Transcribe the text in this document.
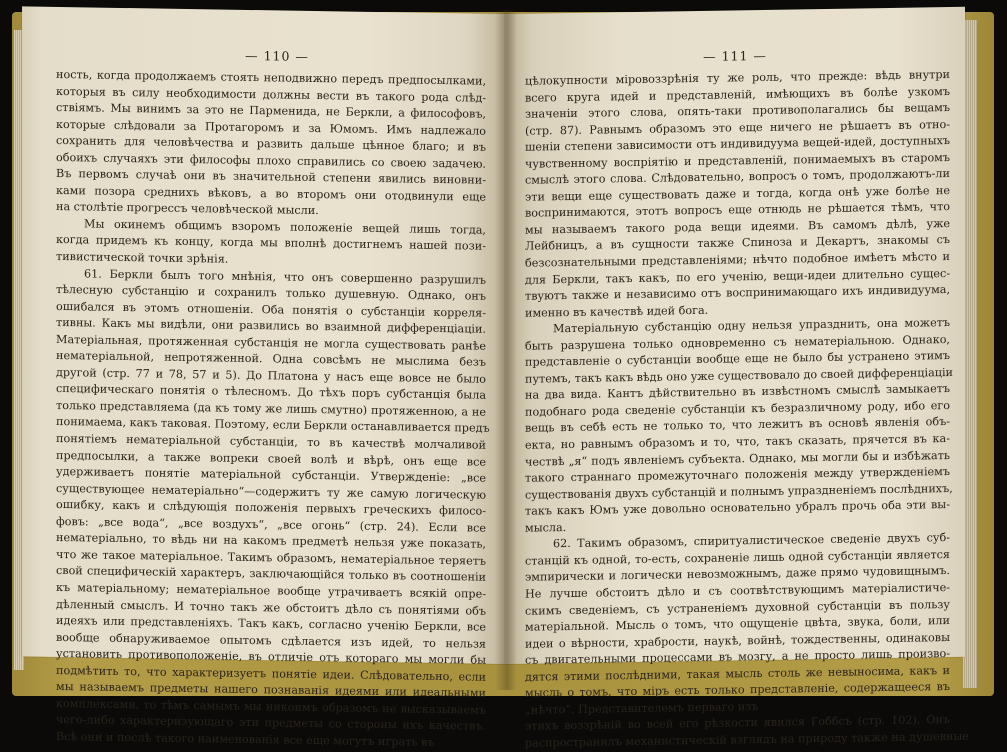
— 110 —
ность, когда продолжаемъ стоять неподвижно передъ предпосылками,
которыя въ силу необходимости должны вести въ такого рода слѣд-
ствіямъ. Мы винимъ за это не Парменида, не Беркли, а философовъ,
которые слѣдовали за Протагоромъ и за Юмомъ. Имъ надлежало
сохранить для человѣчества и развить дальше цѣнное благо; и въ
обоихъ случаяхъ эти философы плохо справились со своею задачею.
Въ первомъ случаѣ они въ значительной степени явились виновни-
ками позора среднихъ вѣковъ, а во второмъ они отодвинули еще
на столѣтіе прогрессъ человѣческой мысли.
Мы окинемъ общимъ взоромъ положеніе вещей лишь тогда,
когда придемъ къ концу, когда мы вполнѣ достигнемъ нашей пози-
тивистической точки зрѣнія.
61. Беркли былъ того мнѣнія, что онъ совершенно разрушилъ
тѣлесную субстанцію и сохранилъ только душевную. Однако, онъ
ошибался въ этомъ отношеніи. Оба понятія о субстанціи корреля-
тивны. Какъ мы видѣли, они развились во взаимной дифференціаціи.
Матеріальная, протяженная субстанція не могла существовать ранѣе
нематеріальной, непротяженной. Одна совсѣмъ не мыслима безъ
другой (стр. 77 и 78, 57 и 5). До Платона у насъ еще вовсе не было
специфическаго понятія о тѣлесномъ. До тѣхъ поръ субстанція была
только представляема (да къ тому же лишь смутно) протяженною, а не
понимаема, какъ таковая. Поэтому, если Беркли останавливается предъ
понятіемъ нематеріальной субстанціи, то въ качествѣ молчаливой
предпосылки, а также вопреки своей волѣ и вѣрѣ, онъ еще все
удерживаетъ понятіе матеріальной субстанціи. Утвержденіе: „все
существующее нематеріально“—содержитъ ту же самую логическую
ошибку, какъ и слѣдующія положенія первыхъ греческихъ филосо-
фовъ: „все вода“, „все воздухъ“, „все огонь“ (стр. 24). Если все
нематеріально, то вѣдь ни на какомъ предметѣ нельзя уже показать,
что же такое матеріальное. Такимъ образомъ, нематеріальное теряетъ
свой специфическій характеръ, заключающійся только въ соотношеніи
къ матеріальному; нематеріальное вообще утрачиваетъ всякій опре-
дѣленный смыслъ. И точно такъ же обстоитъ дѣло съ понятіями объ
идеяхъ или представленіяхъ. Такъ какъ, согласно ученію Беркли, все
вообще обнаруживаемое опытомъ сдѣлается изъ идей, то нельзя
установить противоположеніе, въ отличіе отъ котораго мы могли бы
подмѣтить то, что характеризуетъ понятіе идеи. Слѣдовательно, если
мы называемъ предметы нашего познаванія идеями или идеальными
комплексами, то тѣмъ самымъ мы никоимъ образомъ не высказываемъ
чего-либо характеризующаго эти предметы со стороны ихъ качествъ.
Всѣ они и послѣ такого наименованія все еще могутъ играть въ
— 111 —
цѣлокупности міровоззрѣнія ту же роль, что прежде: вѣдь внутри
всего круга идей и представленій, имѣющихъ въ болѣе узкомъ
значеніи этого слова, опять-таки противополагались бы вещамъ
(стр. 87). Равнымъ образомъ это еще ничего не рѣшаетъ въ отно-
шеніи степени зависимости отъ индивидуума вещей-идей, доступныхъ
чувственному воспріятію и представленій, понимаемыхъ въ старомъ
смыслѣ этого слова. Слѣдовательно, вопросъ о томъ, продолжаютъ-ли
эти вещи еще существовать даже и тогда, когда онѣ уже болѣе не
воспринимаются, этотъ вопросъ еще отнюдь не рѣшается тѣмъ, что
мы называемъ такого рода вещи идеями. Въ самомъ дѣлѣ, уже
Лейбницъ, а въ сущности также Спиноза и Декартъ, знакомы съ
безсознательными представленіями; нѣчто подобное имѣетъ мѣсто и
для Беркли, такъ какъ, по его ученію, вещи-идеи длительно сущес-
твуютъ также и независимо отъ воспринимающаго ихъ индивидуума,
именно въ качествѣ идей бога.
Матеріальную субстанцію одну нельзя упразднить, она можетъ
быть разрушена только одновременно съ нематеріальною. Однако,
представленіе о субстанціи вообще еще не было бы устранено этимъ
путемъ, такъ какъ вѣдь оно уже существовало до своей дифференціаціи
на два вида. Кантъ дѣйствительно въ извѣстномъ смыслѣ замыкаетъ
подобнаго рода сведеніе субстанціи къ безразличному роду, ибо его
вещь въ себѣ есть не только то, что лежитъ въ основѣ явленія объ-
екта, но равнымъ образомъ и то, что, такъ сказать, прячется въ ка-
чествѣ „я“ подъ явленіемъ субъекта. Однако, мы могли бы и избѣжать
такого страннаго промежуточнаго положенія между утвержденіемъ
существованія двухъ субстанцій и полнымъ упраздненіемъ послѣднихъ,
такъ какъ Юмъ уже довольно основательно убралъ прочь оба эти вы-
мысла.
62. Такимъ образомъ, спиритуалистическое сведеніе двухъ суб-
станцій къ одной, то-есть, сохраненіе лишь одной субстанціи является
эмпирически и логически невозможнымъ, даже прямо чудовищнымъ.
Не лучше обстоитъ дѣло и съ соотвѣтствующимъ матеріалистиче-
скимъ сведеніемъ, съ устраненіемъ духовной субстанціи въ пользу
матеріальной. Мысль о томъ, что ощущеніе цвѣта, звука, боли, или
идеи о вѣрности, храбрости, наукѣ, войнѣ, тождественны, одинаковы
съ двигательными процессами въ мозгу, а не просто лишь произво-
дятся этими послѣдними, такая мысль столь же невыносима, какъ и
мысль о томъ, что міръ есть только представленіе, содержащееся въ
„нѣчто“. Представителемъ перваго изъ
этихъ воззрѣній во всей его рѣзкости явился Гоббсъ (стр. 102). Онъ
распространилъ механистическій взглядъ на природу также на душевные
